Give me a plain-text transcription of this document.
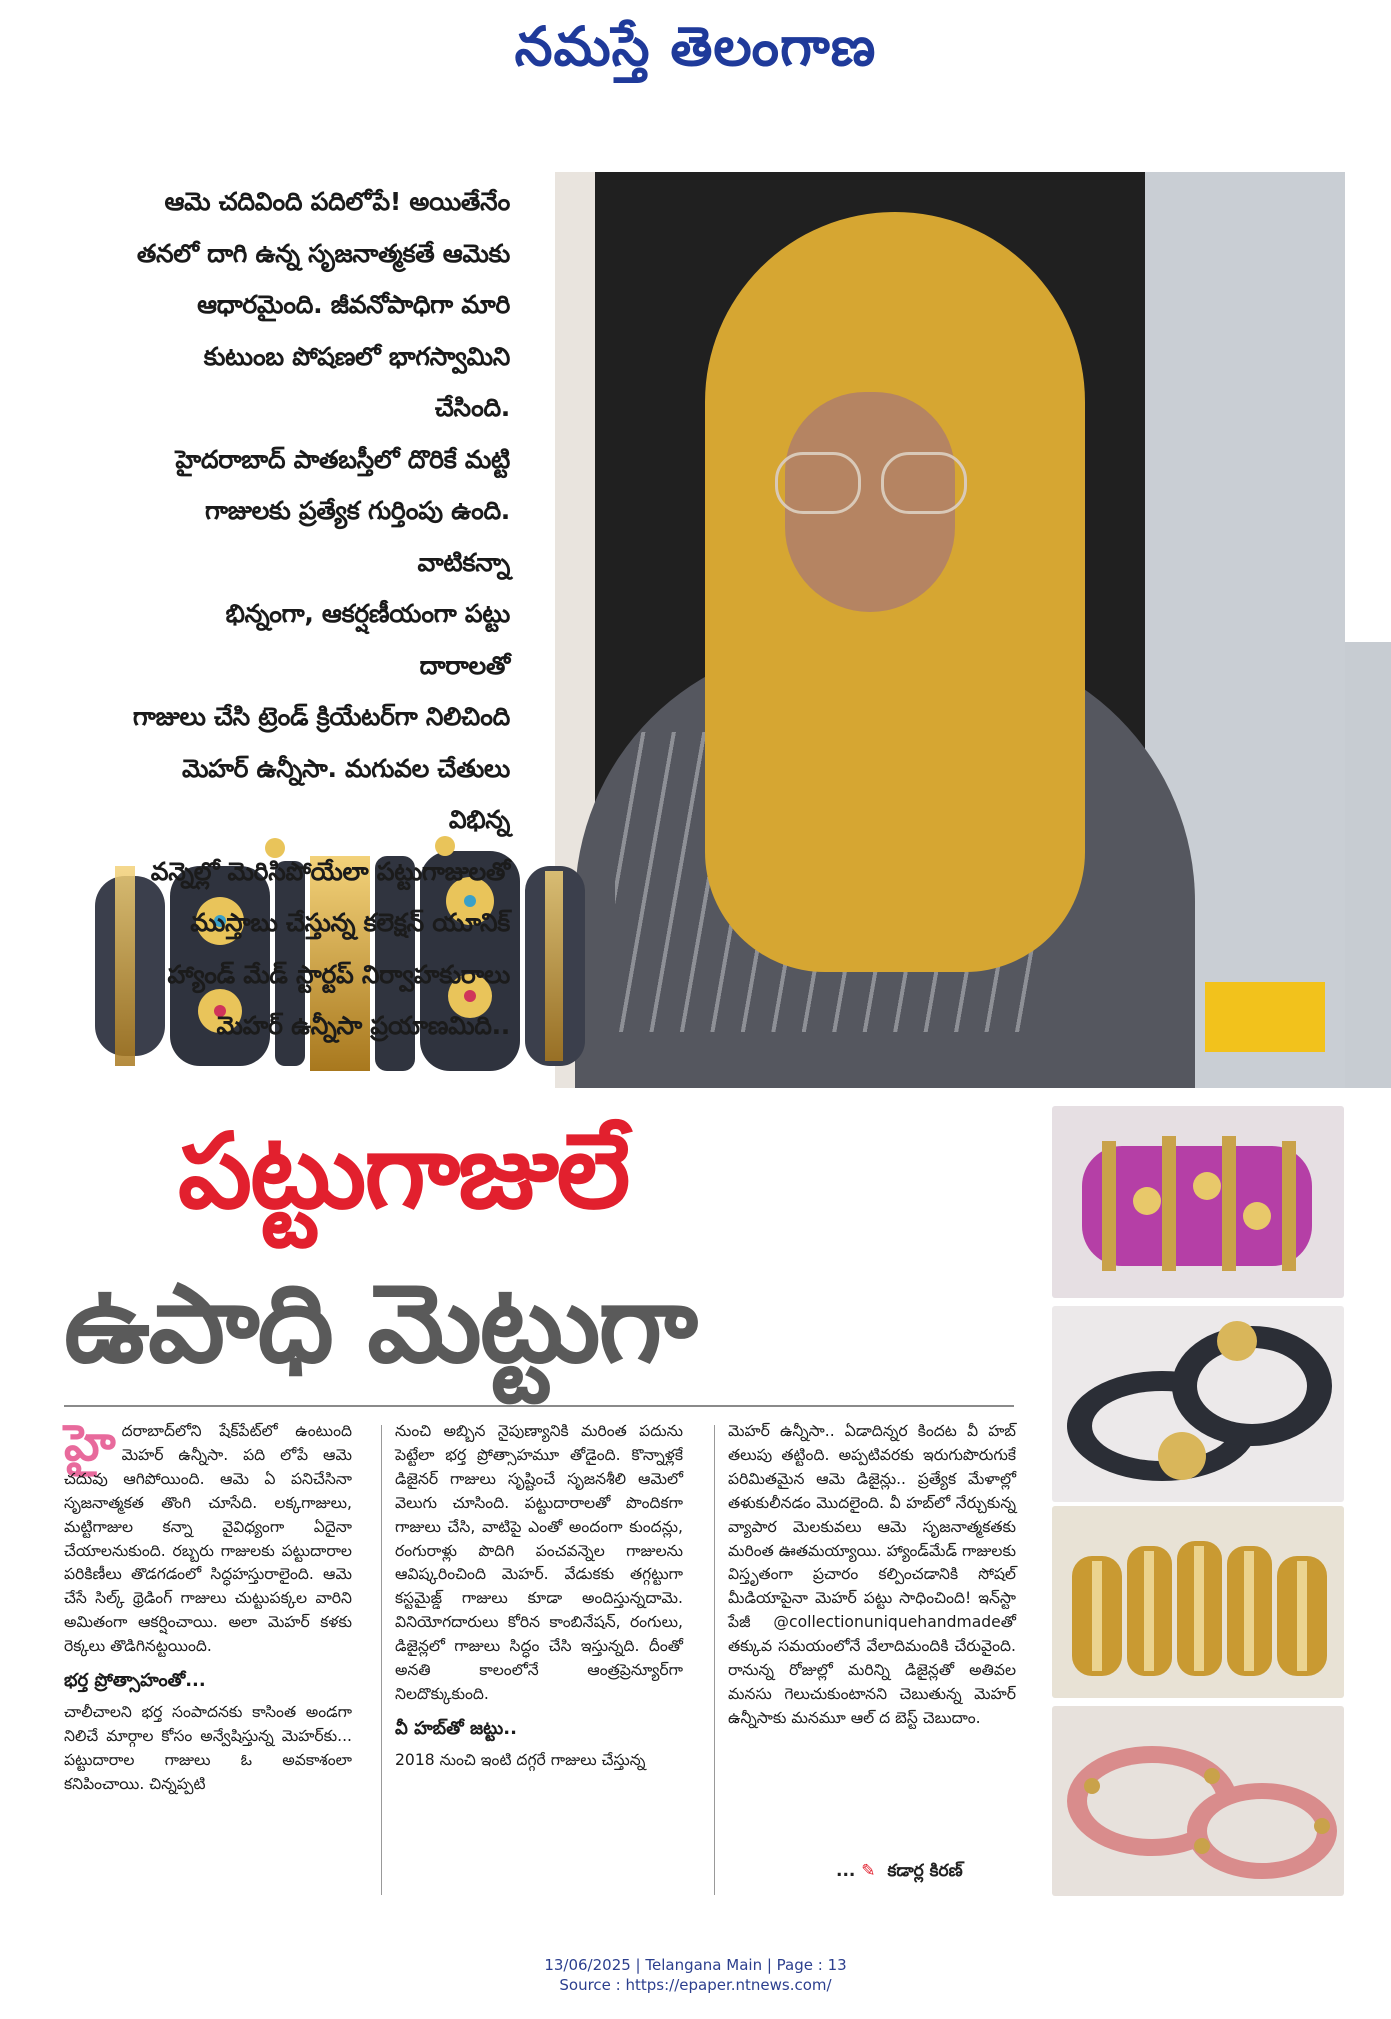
నమస్తే తెలంగాణ

ఆమె చదివింది పదిలోపే! అయితేనేం

తనలో దాగి ఉన్న సృజనాత్మకతే ఆమెకు

ఆధారమైంది. జీవనోపాధిగా మారి

కుటుంబ పోషణలో భాగస్వామిని చేసింది.

హైదరాబాద్ పాతబస్తీలో దొరికే మట్టి

గాజులకు ప్రత్యేక గుర్తింపు ఉంది. వాటికన్నా

భిన్నంగా, ఆకర్షణీయంగా పట్టు దారాలతో

గాజులు చేసి ట్రెండ్ క్రియేటర్‌గా నిలిచింది

మెహర్ ఉన్నీసా. మగువల చేతులు విభిన్న

వన్నెల్లో మెరిసిపోయేలా పట్టుగాజులతో

ముస్తాబు చేస్తున్న కలెక్షన్ యూనిక్

హ్యాండ్ మేడ్ స్టార్టప్ నిర్వాహకురాలు

మెహర్ ఉన్నీసా ప్రయాణమిది..

పట్టుగాజులే
ఉపాధి మెట్టుగా

హైదరాబాద్‌లోని షేక్‌పేట్‌లో ఉంటుంది మెహర్ ఉన్నీసా. పది లోపే ఆమె చదువు ఆగిపోయింది. ఆమె ఏ పనిచేసినా సృజనాత్మకత తొంగి చూసేది. లక్కగాజులు, మట్టిగాజుల కన్నా వైవిధ్యంగా ఏదైనా చేయాలనుకుంది. రబ్బరు గాజులకు పట్టుదారాల పరికిణీలు తొడగడంలో సిద్ధహస్తురాలైంది. ఆమె చేసే సిల్క్ థ్రెడింగ్ గాజులు చుట్టుపక్కల వారిని అమితంగా ఆకర్షించాయి. అలా మెహర్ కళకు రెక్కలు తొడిగినట్టయింది.

భర్త ప్రోత్సాహంతో...

చాలీచాలని భర్త సంపాదనకు కాసింత అండగా నిలిచే మార్గాల కోసం అన్వేషిస్తున్న మెహర్‌కు... పట్టుదారాల గాజులు ఓ అవకాశంలా కనిపించాయి. చిన్నప్పటి

నుంచి అబ్బిన నైపుణ్యానికి మరింత పదును పెట్టేలా భర్త ప్రోత్సాహమూ తోడైంది. కొన్నాళ్లకే డిజైనర్ గాజులు సృష్టించే సృజనశీలి ఆమెలో వెలుగు చూసింది. పట్టుదారాలతో పొందికగా గాజులు చేసి, వాటిపై ఎంతో అందంగా కుందన్లు, రంగురాళ్లు పొదిగి పంచవన్నెల గాజులను ఆవిష్కరించింది మెహర్. వేడుకకు తగ్గట్టుగా కస్టమైజ్డ్ గాజులు కూడా అందిస్తున్నదామె. వినియోగదారులు కోరిన కాంబినేషన్, రంగులు, డిజైన్లలో గాజులు సిద్ధం చేసి ఇస్తున్నది. దీంతో అనతి కాలంలోనే ఆంత్రప్రెన్యూర్‌గా నిలదొక్కుకుంది.

వీ హబ్‌తో జట్టు..

2018 నుంచి ఇంటి దగ్గరే గాజులు చేస్తున్న

మెహర్ ఉన్నీసా.. ఏడాదిన్నర కిందట వీ హబ్ తలుపు తట్టింది. అప్పటివరకు ఇరుగుపొరుగుకే పరిమితమైన ఆమె డిజైన్లు.. ప్రత్యేక మేళాల్లో తళుకులీనడం మొదలైంది. వీ హబ్‌లో నేర్చుకున్న వ్యాపార మెలకువలు ఆమె సృజనాత్మకతకు మరింత ఊతమయ్యాయి. హ్యాండ్‌మేడ్ గాజులకు విస్తృతంగా ప్రచారం కల్పించడానికి సోషల్ మీడియాపైనా మెహర్ పట్టు సాధించింది! ఇన్‌స్టా పేజీ @collectionuniquehandmadeతో తక్కువ సమయంలోనే వేలాదిమందికి చేరువైంది. రానున్న రోజుల్లో మరిన్ని డిజైన్లతో అతివల మనసు గెలుచుకుంటానని చెబుతున్న మెహర్ ఉన్నీసాకు మనమూ ఆల్ ద బెస్ట్ చెబుదాం.

... ✎ కడార్ల కిరణ్
13/06/2025 | Telangana Main | Page : 13
Source : https://epaper.ntnews.com/
